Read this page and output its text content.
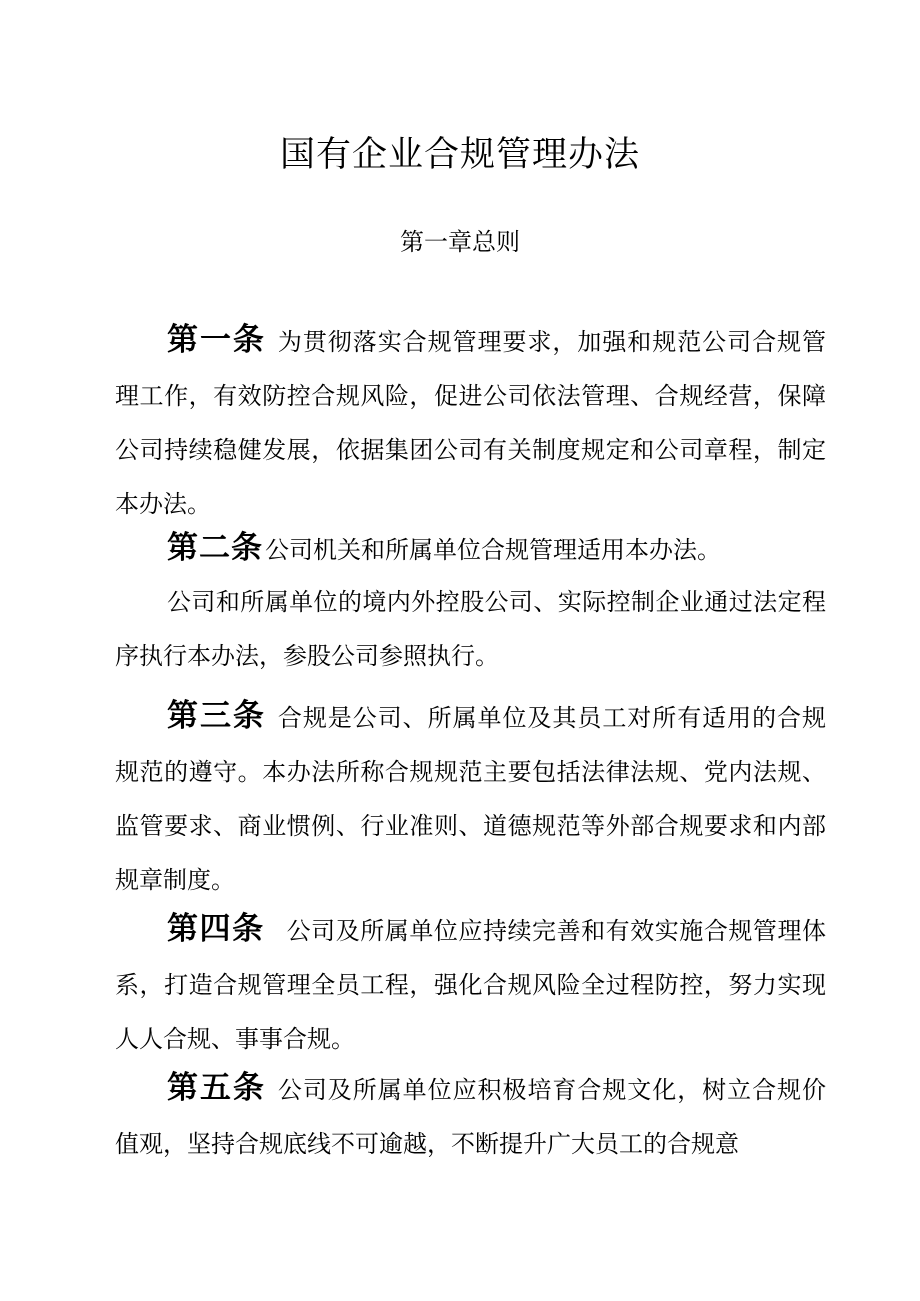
国有企业合规管理办法
第一章总则

第一条 为贯彻落实合规管理要求，加强和规范公司合规管理工作，有效防控合规风险，促进公司依法管理、合规经营，保障公司持续稳健发展，依据集团公司有关制度规定和公司章程，制定本办法。

第二条公司机关和所属单位合规管理适用本办法。

公司和所属单位的境内外控股公司、实际控制企业通过法定程序执行本办法，参股公司参照执行。

第三条 合规是公司、所属单位及其员工对所有适用的合规规范的遵守。本办法所称合规规范主要包括法律法规、党内法规、监管要求、商业惯例、行业准则、道德规范等外部合规要求和内部规章制度。

第四条 公司及所属单位应持续完善和有效实施合规管理体系，打造合规管理全员工程，强化合规风险全过程防控，努力实现人人合规、事事合规。

第五条 公司及所属单位应积极培育合规文化，树立合规价值观，坚持合规底线不可逾越，不断提升广大员工的合规意
